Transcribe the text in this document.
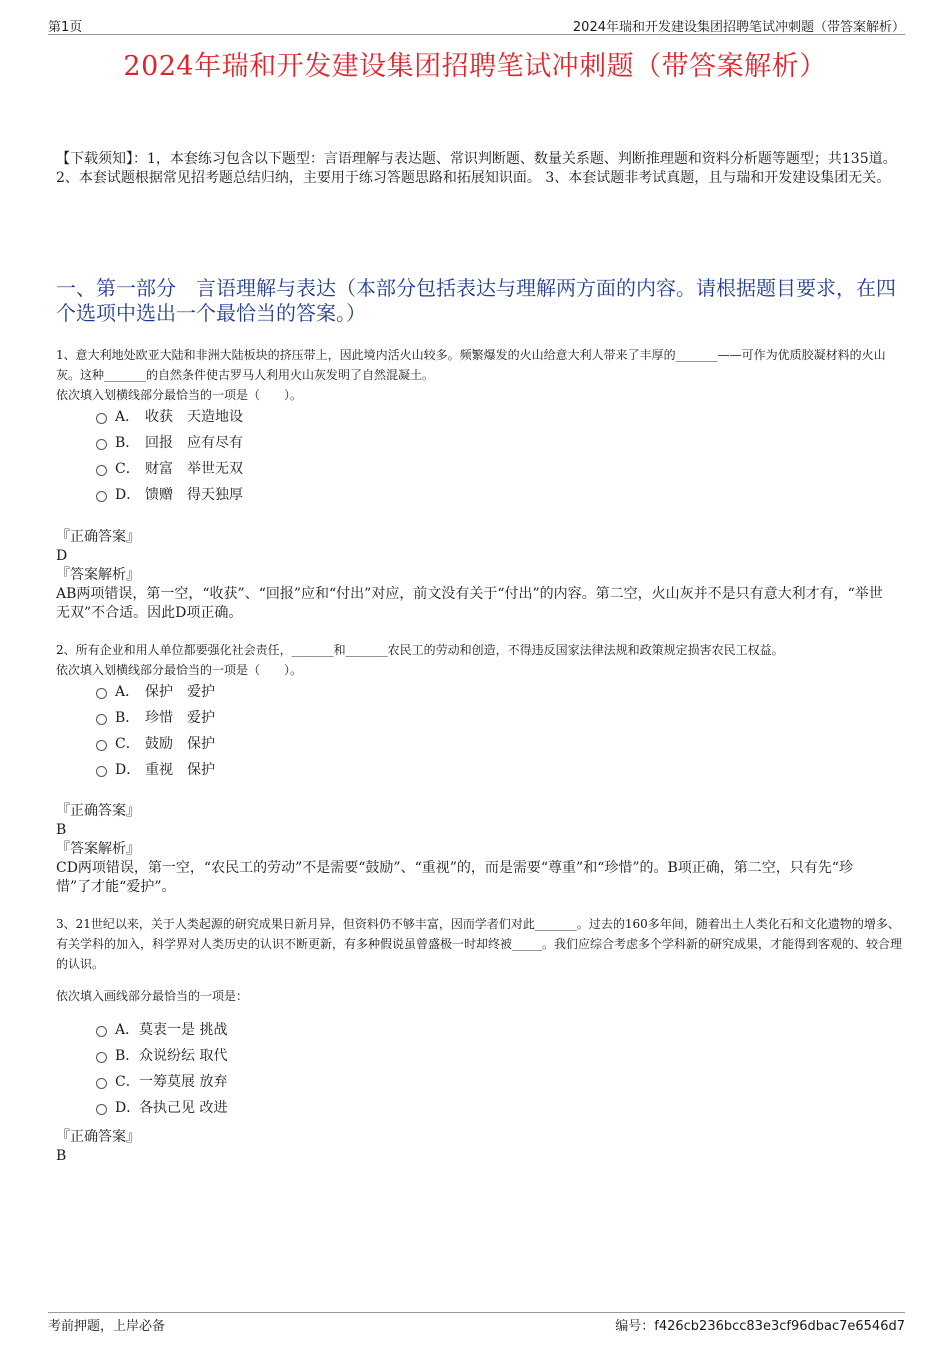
第1页	2024年瑞和开发建设集团招聘笔试冲刺题（带答案解析）
2024年瑞和开发建设集团招聘笔试冲刺题（带答案解析）
【下载须知】：1，本套练习包含以下题型：言语理解与表达题、常识判断题、数量关系题、判断推理题和资料分析题等题型；共135道。 2、本套试题根据常见招考题总结归纳，主要用于练习答题思路和拓展知识面。 3、本套试题非考试真题，且与瑞和开发建设集团无关。
一、第一部分　言语理解与表达（本部分包括表达与理解两方面的内容。请根据题目要求，在四个选项中选出一个最恰当的答案。）

1、意大利地处欧亚大陆和非洲大陆板块的挤压带上，因此境内活火山较多。频繁爆发的火山给意大利人带来了丰厚的_______——可作为优质胶凝材料的火山灰。这种_______的自然条件使古罗马人利用火山灰发明了自然混凝土。

依次填入划横线部分最恰当的一项是（　　）。

A． 收获　天造地设
B． 回报　应有尽有
C． 财富　举世无双
D． 馈赠　得天独厚

『正确答案』

D

『答案解析』

AB两项错误，第一空，“收获”、“回报”应和“付出”对应，前文没有关于“付出”的内容。第二空，火山灰并不是只有意大利才有，“举世无双”不合适。因此D项正确。

2、所有企业和用人单位都要强化社会责任，_______和_______农民工的劳动和创造，不得违反国家法律法规和政策规定损害农民工权益。

依次填入划横线部分最恰当的一项是（　　）。

A． 保护　爱护
B． 珍惜　爱护
C． 鼓励　保护
D． 重视　保护

『正确答案』

B

『答案解析』

CD两项错误，第一空，“农民工的劳动”不是需要“鼓励”、“重视”的，而是需要“尊重”和“珍惜”的。B项正确，第二空，只有先“珍惜”了才能“爱护”。

3、21世纪以来，关于人类起源的研究成果日新月异，但资料仍不够丰富，因而学者们对此_______。过去的160多年间，随着出土人类化石和文化遗物的增多、有关学科的加入，科学界对人类历史的认识不断更新，有多种假说虽曾盛极一时却终被_____。我们应综合考虑多个学科新的研究成果，才能得到客观的、较合理的认识。

依次填入画线部分最恰当的一项是：

A． 莫衷一是 挑战
B． 众说纷纭 取代
C． 一筹莫展 放弃
D．
各执己见 改进

『正确答案』

B

考前押题，上岸必备	编号：f426cb236bcc83e3cf96dbac7e6546d7
